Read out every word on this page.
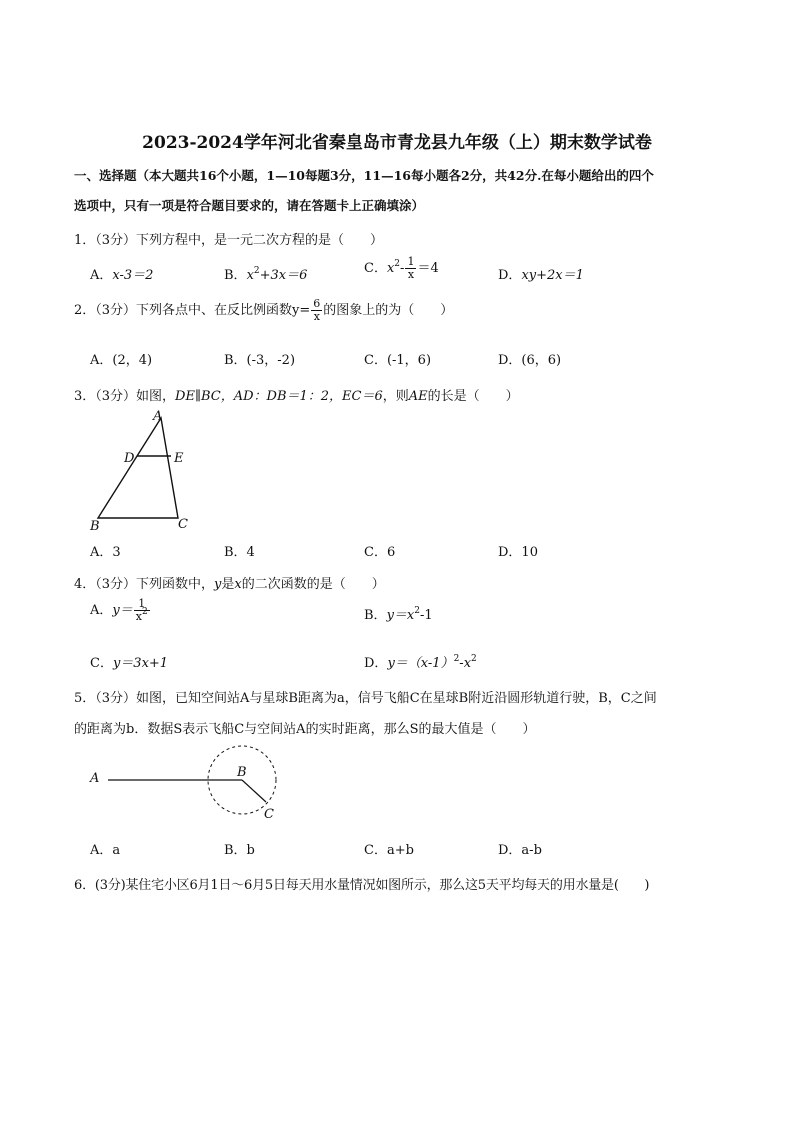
2023-2024学年河北省秦皇岛市青龙县九年级（上）期末数学试卷
一、选择题（本大题共16个小题，1—10每题3分，11—16每小题各2分，共42分.在每小题给出的四个
选项中，只有一项是符合题目要求的，请在答题卡上正确填涂）
1．（3分）下列方程中，是一元二次方程的是（　　）
A．x-3＝2	B．$x^2+3x=6$	C．$x^2- \frac{1}{x} =4$	D．xy+2x＝1
2．（3分）下列各点中、在反比例函数$y= \frac{6}{x}$ 的图象上的为（　　）
A．(2，4)	B．(-3，-2)	C．(-1，6)	D．(6，6)
3．（3分）如图，DE∥BC，AD：DB＝1：2，EC＝6，则AE的长是（　　）
A
D	E
B	C
A．3	B．4	C．6	D．10
4．（3分）下列函数中，y是x的二次函数的是（　　）
A．$y= \frac{1}{x^2}$	B．$y=x^2-1$
C．y＝3x+1	D．$y=(x-1)^2-x^2$
5．（3分）如图，已知空间站A与星球B距离为a，信号飞船C在星球B附近沿圆形轨道行驶，B，C之间
的距离为b．数据S表示飞船C与空间站A的实时距离，那么S的最大值是（　　）
A	B
C
A．a	B．b	C．a+b	D．a-b
6．(3分)某住宅小区6月1日～6月5日每天用水量情况如图所示，那么这5天平均每天的用水量是(　　)
